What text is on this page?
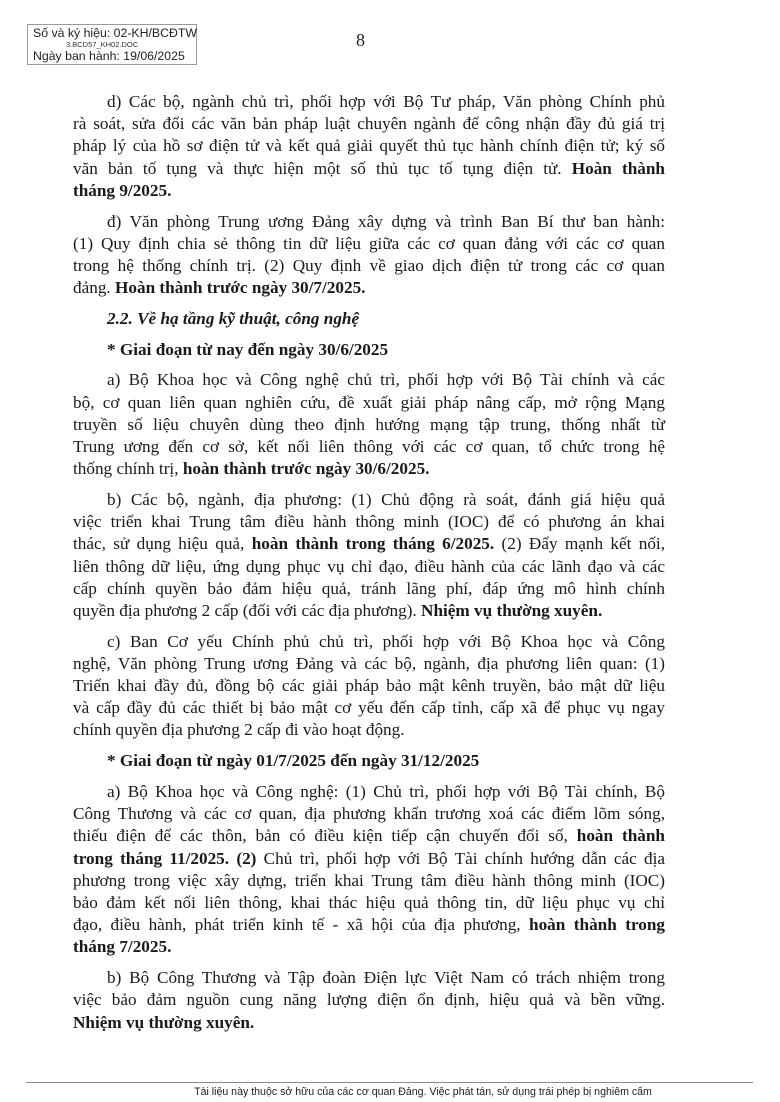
Số và ký hiệu: 02-KH/BCĐTW
3.BCD57_KH02.DOC
Ngày ban hành: 19/06/2025
8
d) Các bộ, ngành chủ trì, phối hợp với Bộ Tư pháp, Văn phòng Chính phủ
rà soát, sửa đổi các văn bản pháp luật chuyên ngành để công nhận đầy đủ giá trị
pháp lý của hồ sơ điện tử và kết quả giải quyết thủ tục hành chính điện tử; ký số
văn bản tố tụng và thực hiện một số thủ tục tố tụng điện tử. Hoàn thành
tháng 9/2025.
đ) Văn phòng Trung ương Đảng xây dựng và trình Ban Bí thư ban hành:
(1) Quy định chia sẻ thông tin dữ liệu giữa các cơ quan đảng với các cơ quan
trong hệ thống chính trị. (2) Quy định về giao dịch điện tử trong các cơ quan
đảng. Hoàn thành trước ngày 30/7/2025.
2.2. Về hạ tầng kỹ thuật, công nghệ
* Giai đoạn từ nay đến ngày 30/6/2025
a) Bộ Khoa học và Công nghệ chủ trì, phối hợp với Bộ Tài chính và các
bộ, cơ quan liên quan nghiên cứu, đề xuất giải pháp nâng cấp, mở rộng Mạng
truyền số liệu chuyên dùng theo định hướng mạng tập trung, thống nhất từ
Trung ương đến cơ sở, kết nối liên thông với các cơ quan, tổ chức trong hệ
thống chính trị, hoàn thành trước ngày 30/6/2025.
b) Các bộ, ngành, địa phương: (1) Chủ động rà soát, đánh giá hiệu quả
việc triển khai Trung tâm điều hành thông minh (IOC) để có phương án khai
thác, sử dụng hiệu quả, hoàn thành trong tháng 6/2025. (2) Đẩy mạnh kết nối,
liên thông dữ liệu, ứng dụng phục vụ chỉ đạo, điều hành của các lãnh đạo và các
cấp chính quyền bảo đảm hiệu quả, tránh lãng phí, đáp ứng mô hình chính
quyền địa phương 2 cấp (đối với các địa phương). Nhiệm vụ thường xuyên.
c) Ban Cơ yếu Chính phủ chủ trì, phối hợp với Bộ Khoa học và Công
nghệ, Văn phòng Trung ương Đảng và các bộ, ngành, địa phương liên quan: (1)
Triển khai đầy đủ, đồng bộ các giải pháp bảo mật kênh truyền, bảo mật dữ liệu
và cấp đầy đủ các thiết bị bảo mật cơ yếu đến cấp tỉnh, cấp xã để phục vụ ngay
chính quyền địa phương 2 cấp đi vào hoạt động.
* Giai đoạn từ ngày 01/7/2025 đến ngày 31/12/2025
a) Bộ Khoa học và Công nghệ: (1) Chủ trì, phối hợp với Bộ Tài chính, Bộ
Công Thương và các cơ quan, địa phương khẩn trương xoá các điểm lõm sóng,
thiếu điện để các thôn, bản có điều kiện tiếp cận chuyển đổi số, hoàn thành
trong tháng 11/2025. (2) Chủ trì, phối hợp với Bộ Tài chính hướng dẫn các địa
phương trong việc xây dựng, triển khai Trung tâm điều hành thông minh (IOC)
bảo đảm kết nối liên thông, khai thác hiệu quả thông tin, dữ liệu phục vụ chỉ
đạo, điều hành, phát triển kinh tế - xã hội của địa phương, hoàn thành trong
tháng 7/2025.
b) Bộ Công Thương và Tập đoàn Điện lực Việt Nam có trách nhiệm trong
việc bảo đảm nguồn cung năng lượng điện ổn định, hiệu quả và bền vững.
Nhiệm vụ thường xuyên.
Tài liệu này thuộc sở hữu của các cơ quan Đảng. Việc phát tán, sử dụng trái phép bị nghiêm cấm
